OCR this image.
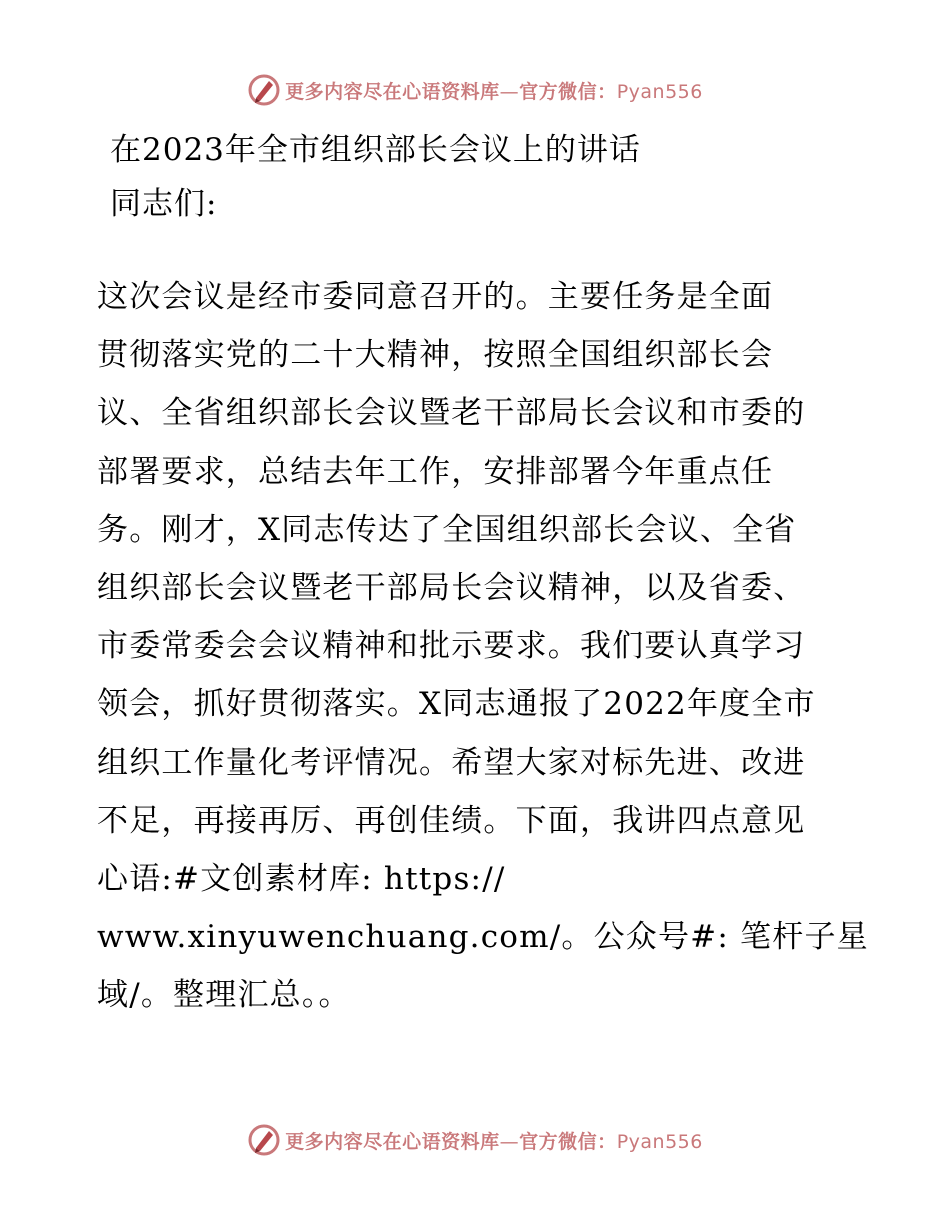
更多内容尽在心语资料库—官方微信：Pyan556
在2023年全市组织部长会议上的讲话
同志们:
这次会议是经市委同意召开的。主要任务是全面
贯彻落实党的二十大精神，按照全国组织部长会
议、全省组织部长会议暨老干部局长会议和市委的
部署要求，总结去年工作，安排部署今年重点任
务。刚才，X同志传达了全国组织部长会议、全省
组织部长会议暨老干部局长会议精神，以及省委、
市委常委会会议精神和批示要求。我们要认真学习
领会，抓好贯彻落实。X同志通报了2022年度全市
组织工作量化考评情况。希望大家对标先进、改进
不足，再接再厉、再创佳绩。下面，我讲四点意见
心语:#文创素材库: https://
www.xinyuwenchuang.com/。公众号#: 笔杆子星
域/。整理汇总。。
更多内容尽在心语资料库—官方微信：Pyan556
